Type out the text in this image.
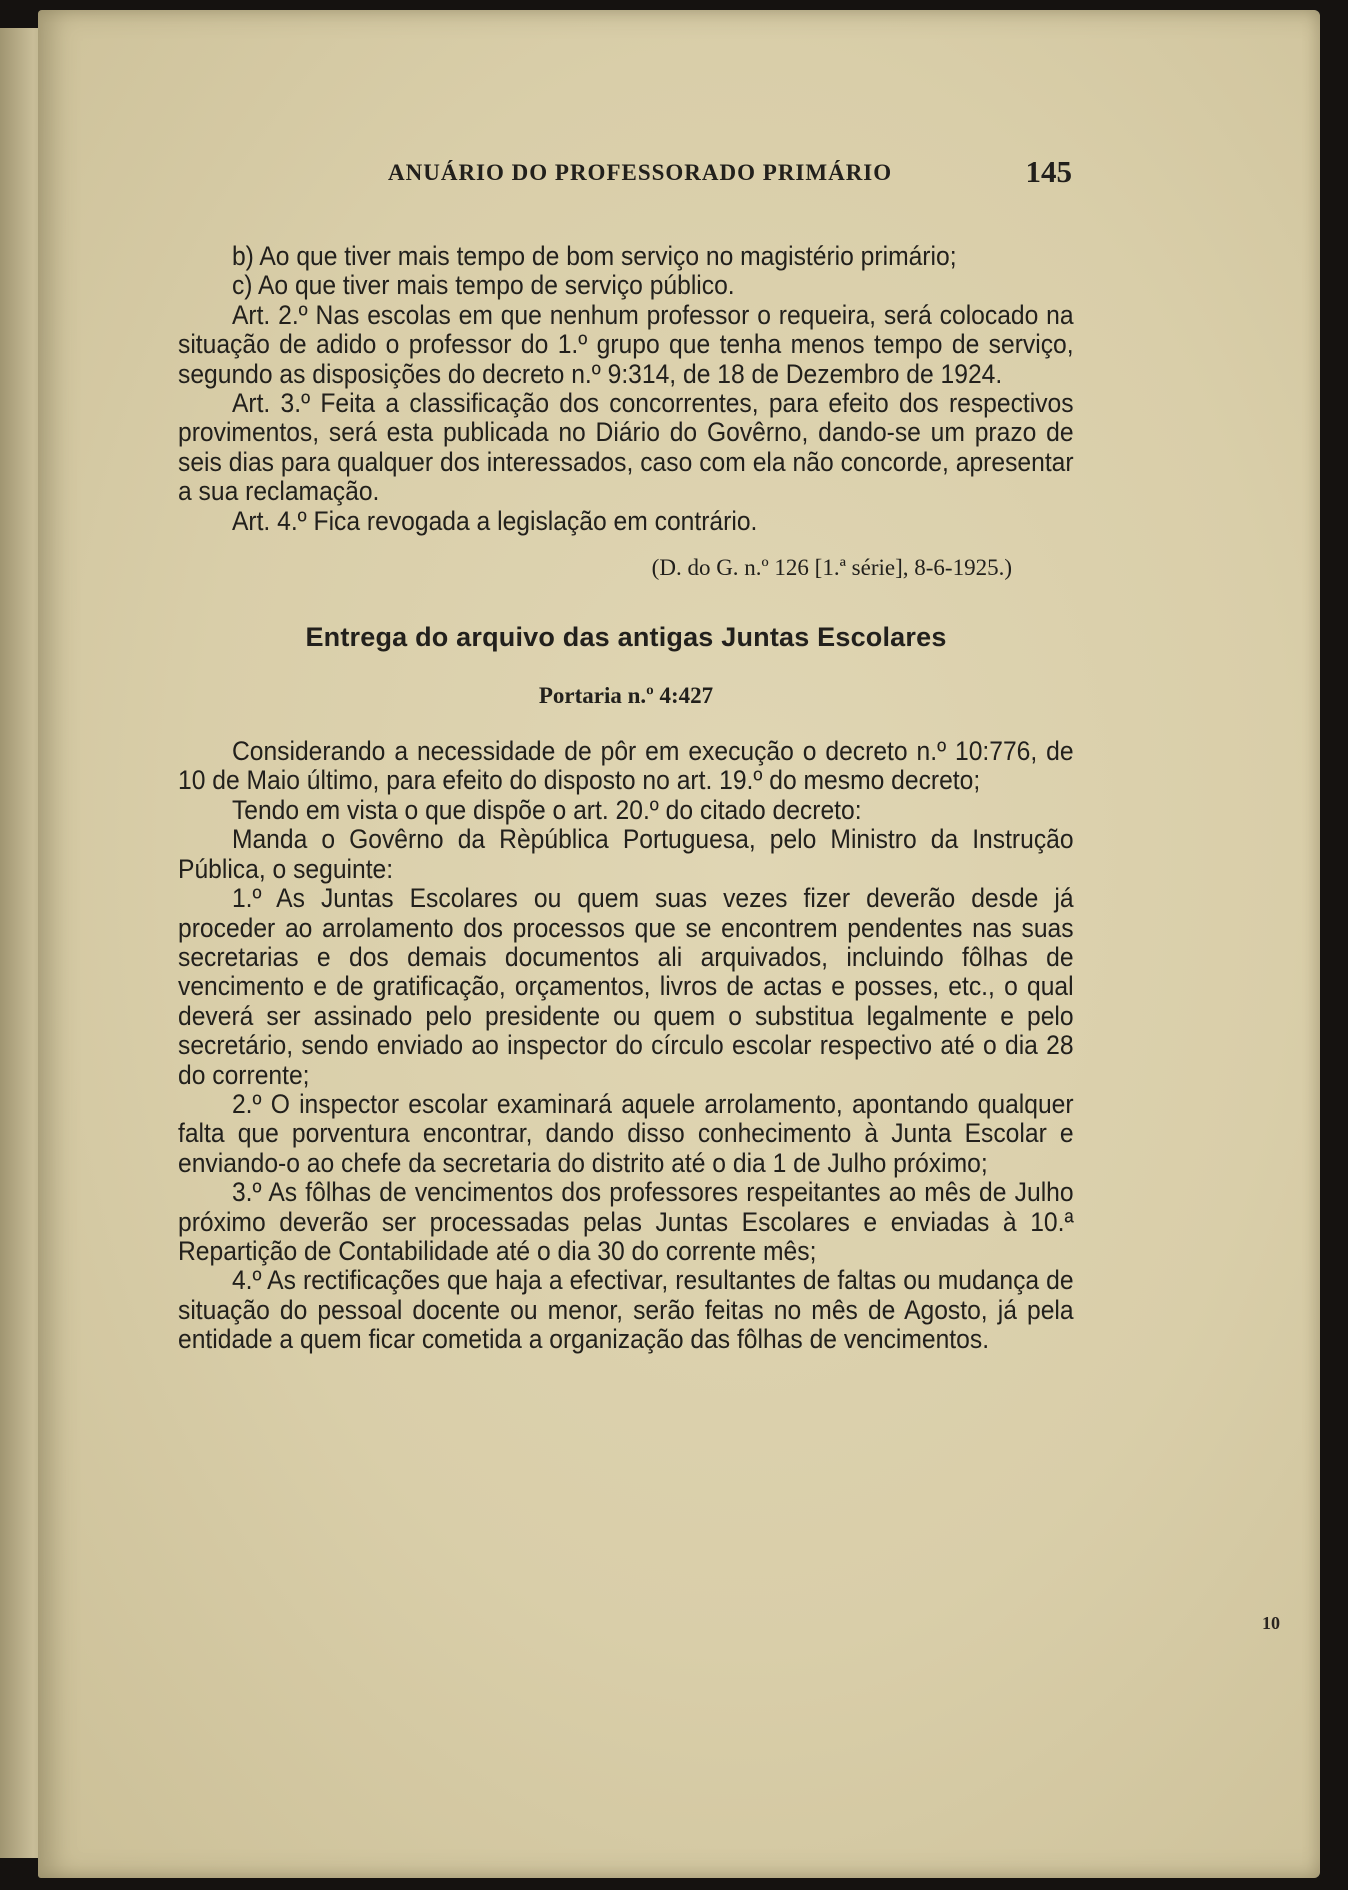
ANUÁRIO DO PROFESSORADO PRIMÁRIO	145

b) Ao que tiver mais tempo de bom serviço no magistério primário;

c) Ao que tiver mais tempo de serviço público.

Art. 2.º Nas escolas em que nenhum professor o requeira, será colocado na situação de adido o professor do 1.º grupo que tenha menos tempo de serviço, segundo as disposições do decreto n.º 9:314, de 18 de Dezembro de 1924.

Art. 3.º Feita a classificação dos concorrentes, para efeito dos respectivos provimentos, será esta publicada no Diário do Govêrno, dando-se um prazo de seis dias para qualquer dos interessados, caso com ela não concorde, apresentar a sua reclamação.

Art. 4.º Fica revogada a legislação em contrário.

(D. do G. n.º 126 [1.ª série], 8-6-1925.)
Entrega do arquivo das antigas Juntas Escolares
Portaria n.º 4:427

Considerando a necessidade de pôr em execução o decreto n.º 10:776, de 10 de Maio último, para efeito do disposto no art. 19.º do mesmo decreto;

Tendo em vista o que dispõe o art. 20.º do citado decreto:

Manda o Govêrno da Rèpública Portuguesa, pelo Ministro da Instrução Pública, o seguinte:

1.º As Juntas Escolares ou quem suas vezes fizer deverão desde já proceder ao arrolamento dos processos que se encontrem pendentes nas suas secretarias e dos demais documentos ali arquivados, incluindo fôlhas de vencimento e de gratificação, orçamentos, livros de actas e posses, etc., o qual deverá ser assinado pelo presidente ou quem o substitua legalmente e pelo secretário, sendo enviado ao inspector do círculo escolar respectivo até o dia 28 do corrente;

2.º O inspector escolar examinará aquele arrolamento, apontando qualquer falta que porventura encontrar, dando disso conhecimento à Junta Escolar e enviando-o ao chefe da secretaria do distrito até o dia 1 de Julho próximo;

3.º As fôlhas de vencimentos dos professores respeitantes ao mês de Julho próximo deverão ser processadas pelas Juntas Escolares e enviadas à 10.ª Repartição de Contabilidade até o dia 30 do corrente mês;

4.º As rectificações que haja a efectivar, resultantes de faltas ou mudança de situação do pessoal docente ou menor, serão feitas no mês de Agosto, já pela entidade a quem ficar cometida a organização das fôlhas de vencimentos.

10
